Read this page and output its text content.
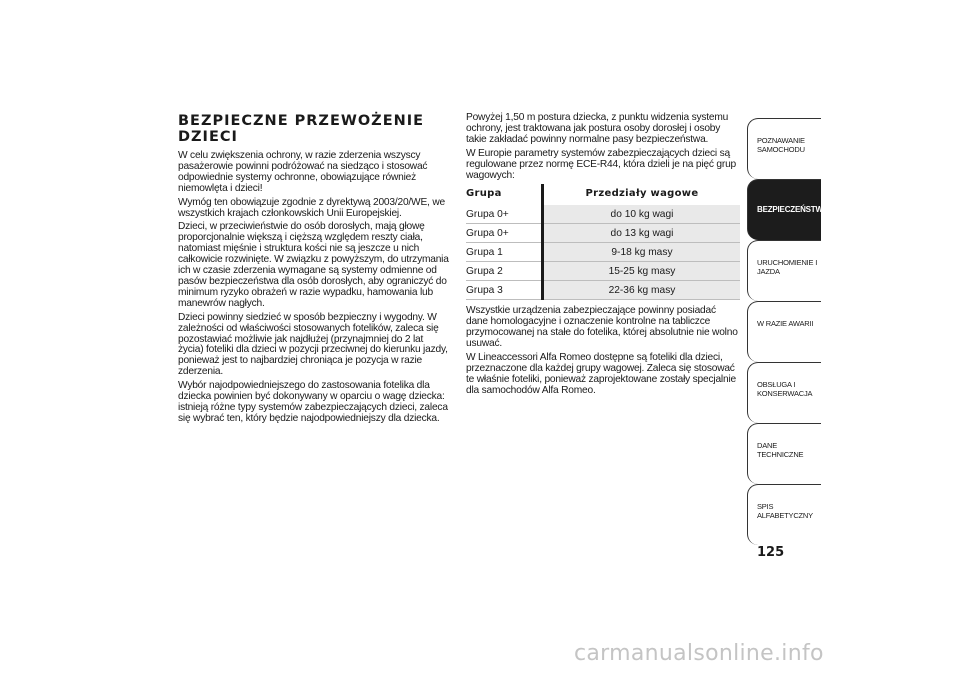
BEZPIECZNE PRZEWOŻENIE
DZIECI

W celu zwiększenia ochrony, w razie zderzenia wszyscy pasażerowie powinni podróżować na siedząco i stosować odpowiednie systemy ochronne, obowiązujące również niemowlęta i dzieci!

Wymóg ten obowiązuje zgodnie z dyrektywą 2003/20/WE, we wszystkich krajach członkowskich Unii Europejskiej.

Dzieci, w przeciwieństwie do osób dorosłych, mają głowę proporcjonalnie większą i cięższą względem reszty ciała, natomiast mięśnie i struktura kości nie są jeszcze u nich całkowicie rozwinięte. W związku z powyższym, do utrzymania ich w czasie zderzenia wymagane są systemy odmienne od pasów bezpieczeństwa dla osób dorosłych, aby ograniczyć do minimum ryzyko obrażeń w razie wypadku, hamowania lub manewrów nagłych.

Dzieci powinny siedzieć w sposób bezpieczny i wygodny. W zależności od właściwości stosowanych fotelików, zaleca się pozostawiać możliwie jak najdłużej (przynajmniej do 2 lat życia) foteliki dla dzieci w pozycji przeciwnej do kierunku jazdy, ponieważ jest to najbardziej chroniąca je pozycja w razie zderzenia.

Wybór najodpowiedniejszego do zastosowania fotelika dla dziecka powinien być dokonywany w oparciu o wagę dziecka: istnieją różne typy systemów zabezpieczających dzieci, zaleca się wybrać ten, który będzie najodpowiedniejszy dla dziecka.

Powyżej 1,50 m postura dziecka, z punktu widzenia systemu ochrony, jest traktowana jak postura osoby dorosłej i osoby takie zakładać powinny normalne pasy bezpieczeństwa.

W Europie parametry systemów zabezpieczających dzieci są regulowane przez normę ECE-R44, która dzieli je na pięć grup wagowych:

Grupa	Przedziały wagowe
Grupa 0+	do 10 kg wagi
Grupa 0+	do 13 kg wagi
Grupa 1	9-18 kg masy
Grupa 2	15-25 kg masy
Grupa 3	22-36 kg masy

Wszystkie urządzenia zabezpieczające powinny posiadać dane homologacyjne i oznaczenie kontrolne na tabliczce przymocowanej na stałe do fotelika, której absolutnie nie wolno usuwać.

W Lineaccessori Alfa Romeo dostępne są foteliki dla dzieci, przeznaczone dla każdej grupy wagowej. Zaleca się stosować te właśnie foteliki, ponieważ zaprojektowane zostały specjalnie dla samochodów Alfa Romeo.

POZNAWANIE
SAMOCHODU
BEZPIECZEŃSTWO
URUCHOMIENIE I
JAZDA
W RAZIE AWARII
OBSŁUGA I
KONSERWACJA
DANE TECHNICZNE
SPIS ALFABETYCZNY
125
carmanualsonline.info
